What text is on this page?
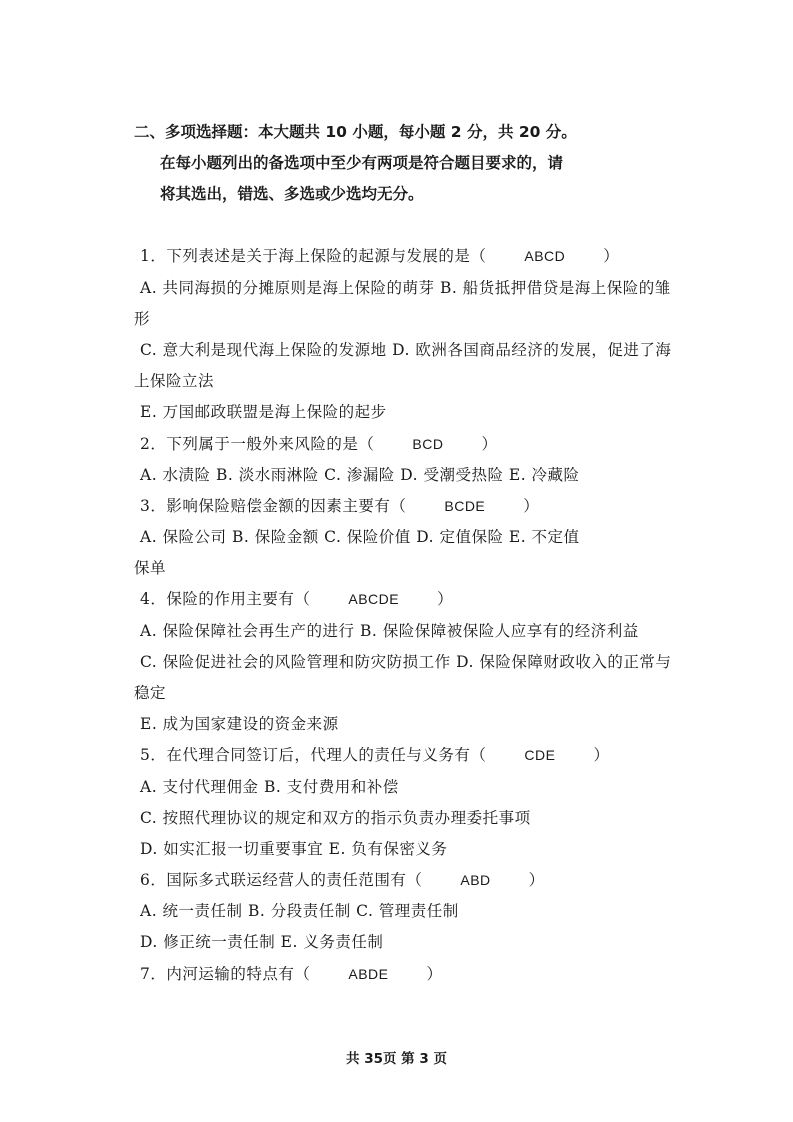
二、多项选择题：本大题共 10 小题，每小题 2 分，共 20 分。
在每小题列出的备选项中至少有两项是符合题目要求的，请
将其选出，错选、多选或少选均无分。
1．下列表述是关于海上保险的起源与发展的是（	ABCD ）
A. 共同海损的分摊原则是海上保险的萌芽 B. 船货抵押借贷是海上保险的雏
形
C. 意大利是现代海上保险的发源地 D. 欧洲各国商品经济的发展，促进了海
上保险立法
E. 万国邮政联盟是海上保险的起步
2．下列属于一般外来风险的是（	BCD ）
A. 水渍险 B. 淡水雨淋险 C. 渗漏险 D. 受潮受热险 E. 冷藏险
3．影响保险赔偿金额的因素主要有（	BCDE ）
A. 保险公司 B. 保险金额 C. 保险价值 D. 定值保险 E. 不定值
保单
4．保险的作用主要有（	ABCDE ）
A. 保险保障社会再生产的进行 B. 保险保障被保险人应享有的经济利益
C. 保险促进社会的风险管理和防灾防损工作 D. 保险保障财政收入的正常与
稳定
E. 成为国家建设的资金来源
5．在代理合同签订后，代理人的责任与义务有（	CDE ）
A. 支付代理佣金 B. 支付费用和补偿
C. 按照代理协议的规定和双方的指示负责办理委托事项
D. 如实汇报一切重要事宜 E. 负有保密义务
6．国际多式联运经营人的责任范围有（	ABD ）
A. 统一责任制 B. 分段责任制 C. 管理责任制
D. 修正统一责任制 E. 义务责任制
7．内河运输的特点有（	ABDE ）
共 35页 第 3 页
